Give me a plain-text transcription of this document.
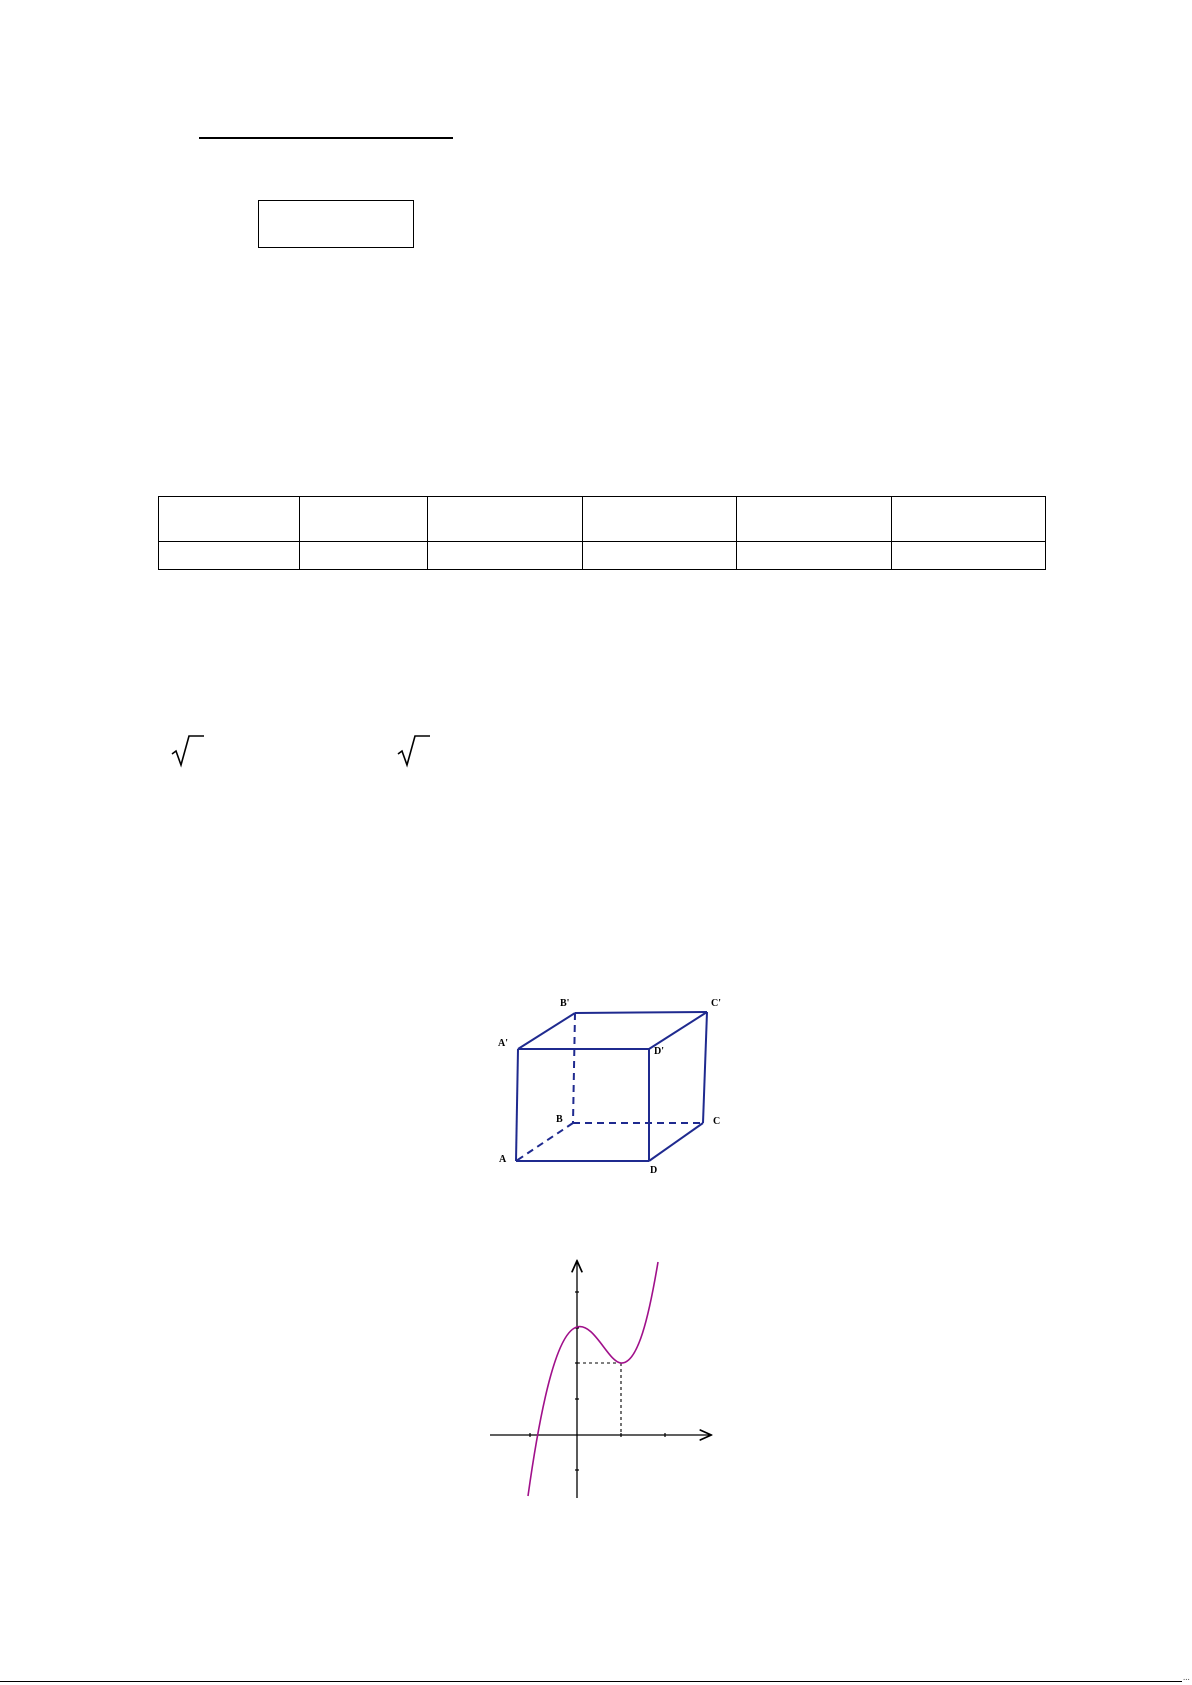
B'	C'
A'
D'
B	C
A
D
...
